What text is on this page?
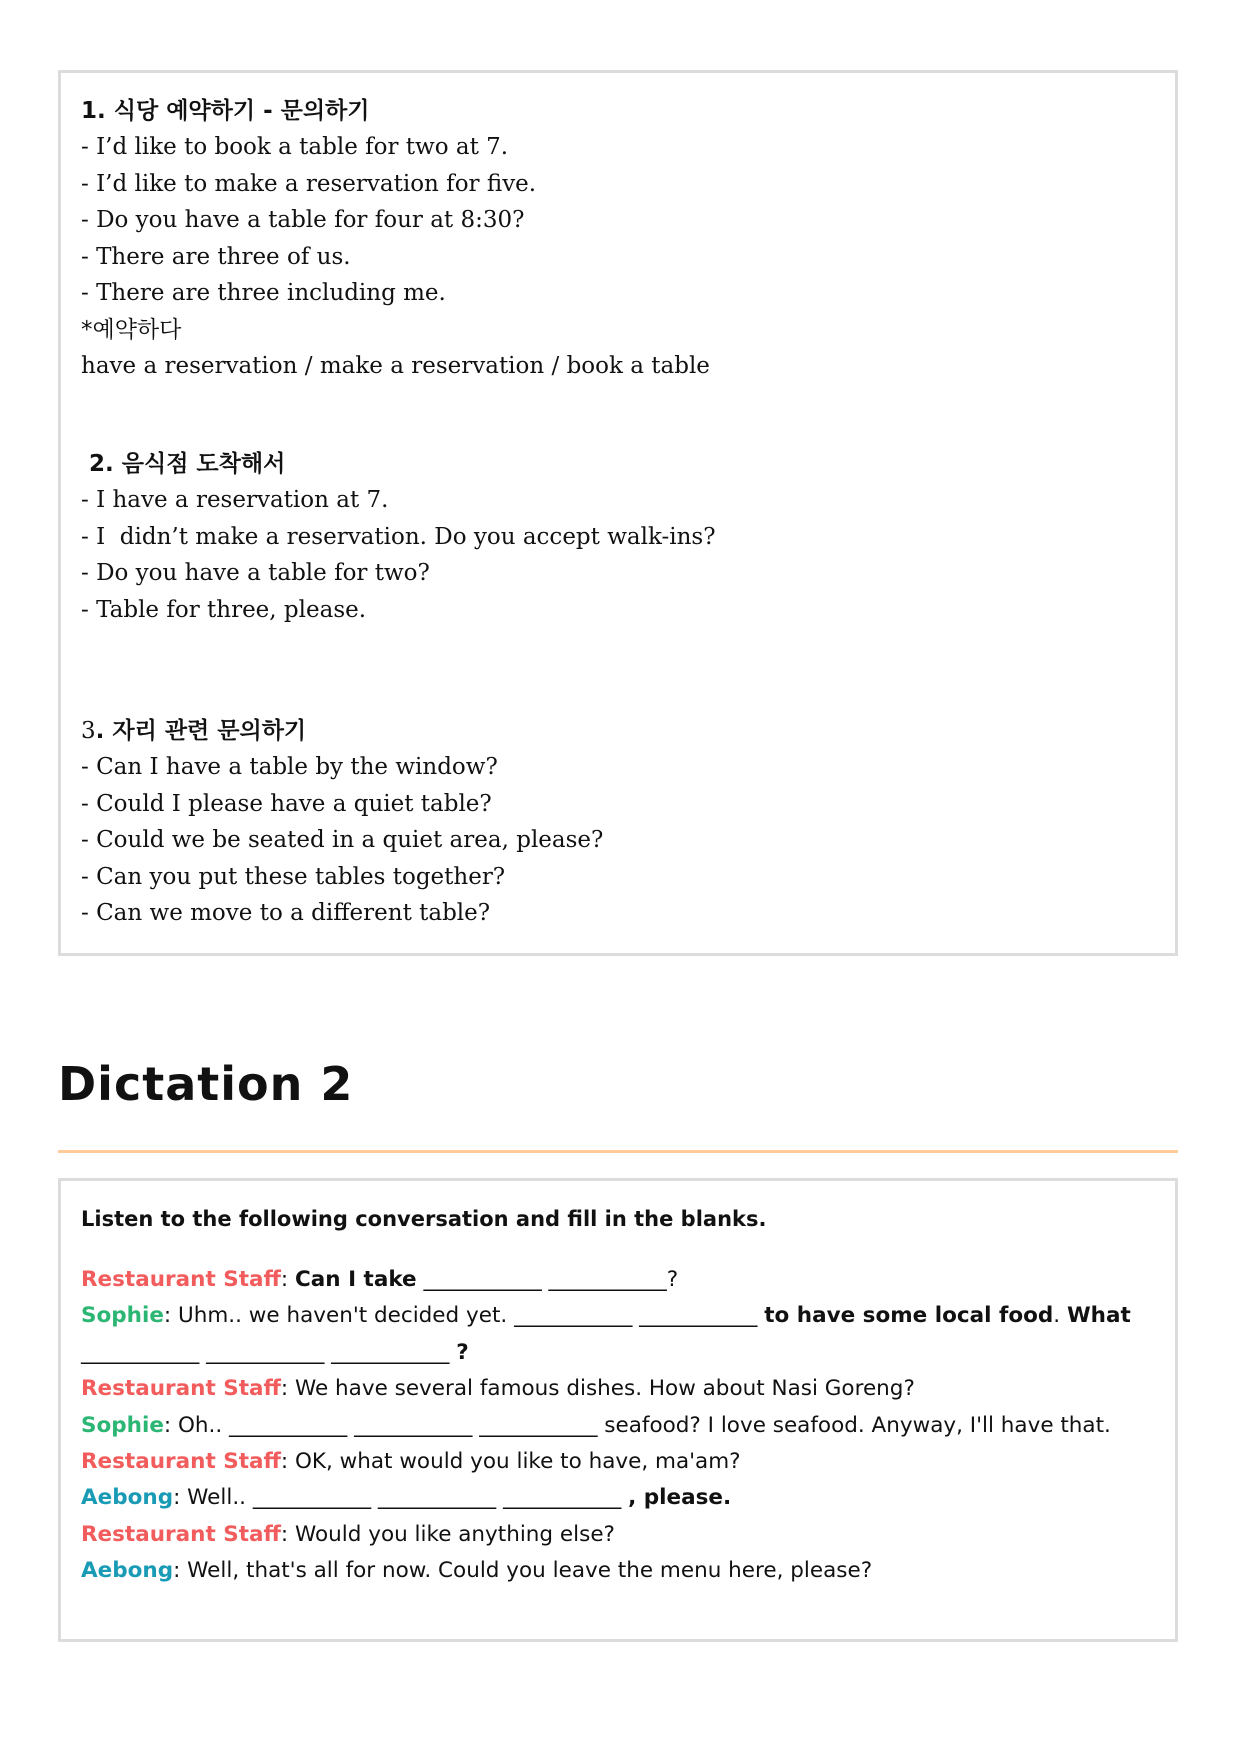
1. 식당 예약하기 - 문의하기
- I’d like to book a table for two at 7.
- I’d like to make a reservation for five.
- Do you have a table for four at 8:30?
- There are three of us.
- There are three including me.
*예약하다
have a reservation / make a reservation / book a table
2. 음식점 도착해서
- I have a reservation at 7.
- I  didn’t make a reservation. Do you accept walk-ins?
- Do you have a table for two?
- Table for three, please.
3. 자리 관련 문의하기
- Can I have a table by the window?
- Could I please have a quiet table?
- Could we be seated in a quiet area, please?
- Can you put these tables together?
- Can we move to a different table?
Dictation 2
Listen to the following conversation and fill in the blanks.
Restaurant Staff: Can I take ___________ ___________?
Sophie: Uhm.. we haven't decided yet. ___________ ___________ to have some local food. What ___________ ___________ ___________ ?
Restaurant Staff: We have several famous dishes. How about Nasi Goreng?
Sophie: Oh.. ___________ ___________ ___________ seafood? I love seafood. Anyway, I'll have that.
Restaurant Staff: OK, what would you like to have, ma'am?
Aebong: Well.. ___________ ___________ ___________ , please.
Restaurant Staff: Would you like anything else?
Aebong: Well, that's all for now. Could you leave the menu here, please?
